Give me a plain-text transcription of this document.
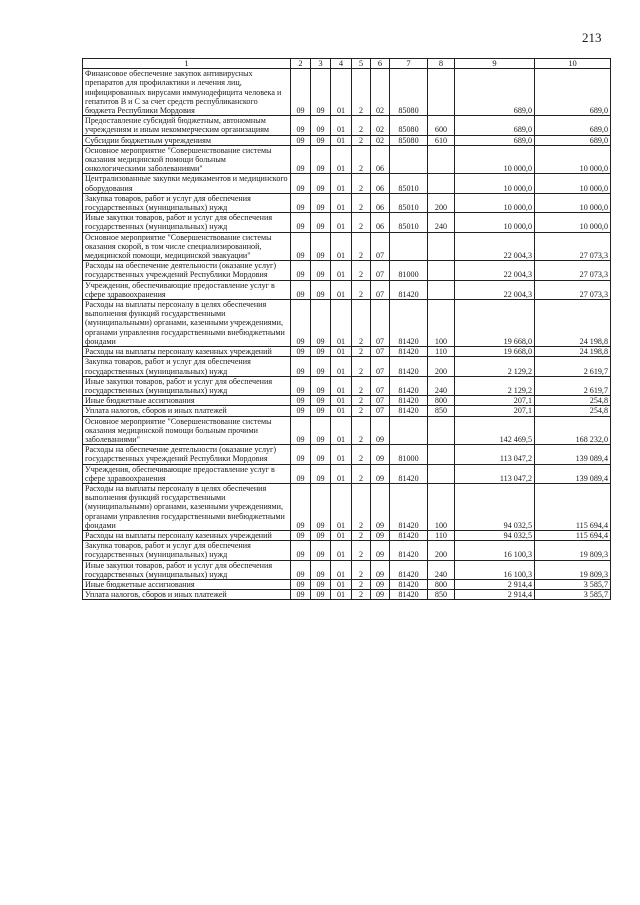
213
1	2	3	4	5	6	7	8	9	10
Финансовое обеспечение закупок антивирусных препаратов для профилактики и лечения лиц, инфицированных вирусами иммунодефицита человека и гепатитов В и С за счет средств республиканского бюджета Республики Мордовия	09	09	01	2	02	85080		689,0	689,0
Предоставление субсидий бюджетным, автономным учреждениям и иным некоммерческим организациям	09	09	01	2	02	85080	600	689,0	689,0
Субсидии бюджетным учреждениям	09	09	01	2	02	85080	610	689,0	689,0
Основное мероприятие "Совершенствование системы оказания медицинской помощи больным онкологическими заболеваниями"	09	09	01	2	06			10 000,0	10 000,0
Централизованные закупки медикаментов и медицинского оборудования	09	09	01	2	06	85010		10 000,0	10 000,0
Закупка товаров, работ и услуг для обеспечения государственных (муниципальных) нужд	09	09	01	2	06	85010	200	10 000,0	10 000,0
Иные закупки товаров, работ и услуг для обеспечения государственных (муниципальных) нужд	09	09	01	2	06	85010	240	10 000,0	10 000,0
Основное мероприятие "Совершенствование системы оказания скорой, в том числе специализированной, медицинской помощи, медицинской эвакуации"	09	09	01	2	07			22 004,3	27 073,3
Расходы на обеспечение деятельности (оказание услуг) государственных учреждений Республики Мордовия	09	09	01	2	07	81000		22 004,3	27 073,3
Учреждения, обеспечивающие предоставление услуг в сфере здравоохранения	09	09	01	2	07	81420		22 004,3	27 073,3
Расходы на выплаты персоналу в целях обеспечения выполнения функций государственными (муниципальными) органами, казенными учреждениями, органами управления государственными внебюджетными фондами	09	09	01	2	07	81420	100	19 668,0	24 198,8
Расходы на выплаты персоналу казенных учреждений	09	09	01	2	07	81420	110	19 668,0	24 198,8
Закупка товаров, работ и услуг для обеспечения государственных (муниципальных) нужд	09	09	01	2	07	81420	200	2 129,2	2 619,7
Иные закупки товаров, работ и услуг для обеспечения государственных (муниципальных) нужд	09	09	01	2	07	81420	240	2 129,2	2 619,7
Иные бюджетные ассигнования	09	09	01	2	07	81420	800	207,1	254,8
Уплата налогов, сборов и иных платежей	09	09	01	2	07	81420	850	207,1	254,8
Основное мероприятие "Совершенствование системы оказания медицинской помощи больным прочими заболеваниями"	09	09	01	2	09			142 469,5	168 232,0
Расходы на обеспечение деятельности (оказание услуг) государственных учреждений Республики Мордовия	09	09	01	2	09	81000		113 047,2	139 089,4
Учреждения, обеспечивающие предоставление услуг в сфере здравоохранения	09	09	01	2	09	81420		113 047,2	139 089,4
Расходы на выплаты персоналу в целях обеспечения выполнения функций государственными (муниципальными) органами, казенными учреждениями, органами управления государственными внебюджетными фондами	09	09	01	2	09	81420	100	94 032,5	115 694,4
Расходы на выплаты персоналу казенных учреждений	09	09	01	2	09	81420	110	94 032,5	115 694,4
Закупка товаров, работ и услуг для обеспечения государственных (муниципальных) нужд	09	09	01	2	09	81420	200	16 100,3	19 809,3
Иные закупки товаров, работ и услуг для обеспечения государственных (муниципальных) нужд	09	09	01	2	09	81420	240	16 100,3	19 809,3
Иные бюджетные ассигнования	09	09	01	2	09	81420	800	2 914,4	3 585,7
Уплата налогов, сборов и иных платежей	09	09	01	2	09	81420	850	2 914,4	3 585,7
